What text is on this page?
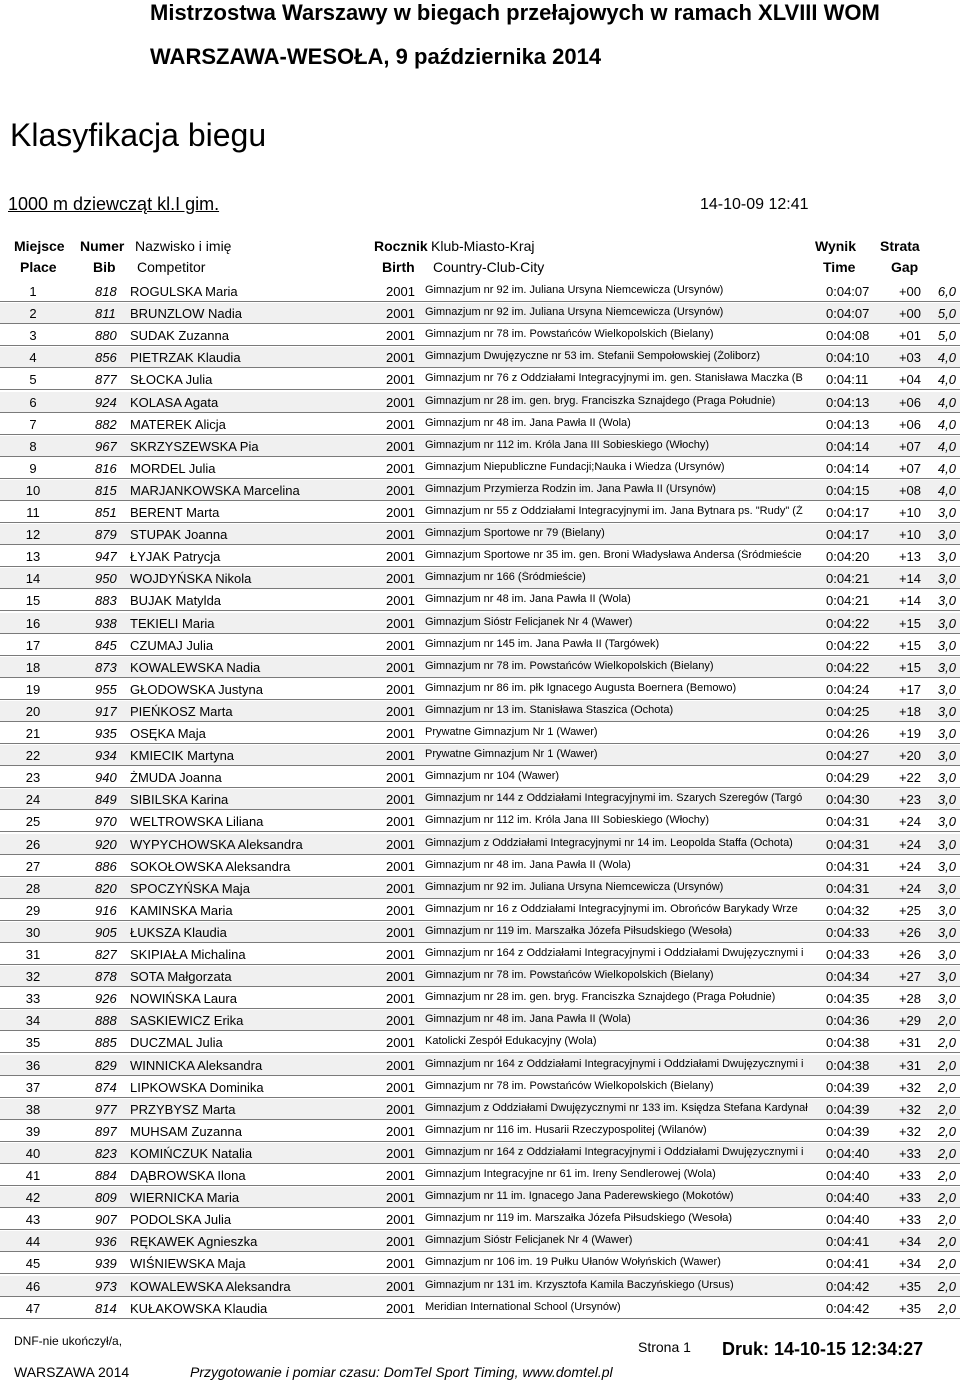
Mistrzostwa Warszawy w biegach przełajowych w ramach XLVIII WOM
WARSZAWA-WESOŁA, 9 października 2014
Klasyfikacja biegu
1000 m dziewcząt kl.I gim.	14-10-09 12:41
Miejsce
Place
Numer
Bib
Nazwisko i imię
Competitor
Rocznik
Birth
Klub-Miasto-Kraj
Country-Club-City
Wynik
Time
Strata
Gap
1	818	ROGULSKA Maria	2001 Gimnazjum nr 92 im. Juliana Ursyna Niemcewicza (Ursynów)	0:04:07	+00	6,0
2	811	BRUNZLOW Nadia	2001 Gimnazjum nr 92 im. Juliana Ursyna Niemcewicza (Ursynów)	0:04:07	+00	5,0
3	880	SUDAK Zuzanna	2001 Gimnazjum nr 78 im. Powstańców Wielkopolskich (Bielany)	0:04:08	+01	5,0
4	856	PIETRZAK Klaudia	2001 Gimnazjum Dwujęzyczne nr 53 im. Stefanii Sempołowskiej (Żoliborz)	0:04:10	+03	4,0
5	877	SŁOCKA Julia	2001 Gimnazjum nr 76 z Oddziałami Integracyjnymi im. gen. Stanisława Maczka (B	0:04:11	+04	4,0
6	924	KOLASA Agata	2001 Gimnazjum nr 28 im. gen. bryg. Franciszka Sznajdego (Praga Południe)	0:04:13	+06	4,0
7	882	MATEREK Alicja	2001 Gimnazjum nr 48 im. Jana Pawła II (Wola)	0:04:13	+06	4,0
8	967	SKRZYSZEWSKA Pia	2001 Gimnazjum nr 112 im. Króla Jana III Sobieskiego (Włochy)	0:04:14	+07	4,0
9	816	MORDEL Julia	2001 Gimnazjum Niepubliczne Fundacji;Nauka i Wiedza (Ursynów)	0:04:14	+07	4,0
10	815	MARJANKOWSKA Marcelina	2001 Gimnazjum Przymierza Rodzin im. Jana Pawła II (Ursynów)	0:04:15	+08	4,0
11	851	BERENT Marta	2001 Gimnazjum nr 55 z Oddziałami Integracyjnymi im. Jana Bytnara ps. "Rudy" (Ż	0:04:17	+10	3,0
12	879	STUPAK Joanna	2001 Gimnazjum Sportowe nr 79 (Bielany)	0:04:17	+10	3,0
13	947	ŁYJAK Patrycja	2001 Gimnazjum Sportowe nr 35 im. gen. Broni Władysława Andersa (Śródmieście	0:04:20	+13	3,0
14	950	WOJDYŃSKA Nikola	2001 Gimnazjum nr 166 (Śródmieście)	0:04:21	+14	3,0
15	883	BUJAK Matylda	2001 Gimnazjum nr 48 im. Jana Pawła II (Wola)	0:04:21	+14	3,0
16	938	TEKIELI Maria	2001 Gimnazjum Sióstr Felicjanek Nr 4 (Wawer)	0:04:22	+15	3,0
17	845	CZUMAJ Julia	2001 Gimnazjum nr 145 im. Jana Pawła II (Targówek)	0:04:22	+15	3,0
18	873	KOWALEWSKA Nadia	2001 Gimnazjum nr 78 im. Powstańców Wielkopolskich (Bielany)	0:04:22	+15	3,0
19	955	GŁODOWSKA Justyna	2001 Gimnazjum nr 86 im. płk Ignacego Augusta Boernera (Bemowo)	0:04:24	+17	3,0
20	917	PIEŃKOSZ Marta	2001 Gimnazjum nr 13 im. Stanisława Staszica (Ochota)	0:04:25	+18	3,0
21	935	OSĘKA Maja	2001 Prywatne Gimnazjum Nr 1 (Wawer)	0:04:26	+19	3,0
22	934	KMIECIK Martyna	2001 Prywatne Gimnazjum Nr 1 (Wawer)	0:04:27	+20	3,0
23	940	ŻMUDA Joanna	2001 Gimnazjum nr 104 (Wawer)	0:04:29	+22	3,0
24	849	SIBILSKA Karina	2001 Gimnazjum nr 144 z Oddziałami Integracyjnymi im. Szarych Szeregów (Targó	0:04:30	+23	3,0
25	970	WELTROWSKA Liliana	2001 Gimnazjum nr 112 im. Króla Jana III Sobieskiego (Włochy)	0:04:31	+24	3,0
26	920	WYPYCHOWSKA Aleksandra	2001 Gimnazjum z Oddziałami Integracyjnymi nr 14 im. Leopolda Staffa (Ochota)	0:04:31	+24	3,0
27	886	SOKOŁOWSKA Aleksandra	2001 Gimnazjum nr 48 im. Jana Pawła II (Wola)	0:04:31	+24	3,0
28	820	SPOCZYŃSKA Maja	2001 Gimnazjum nr 92 im. Juliana Ursyna Niemcewicza (Ursynów)	0:04:31	+24	3,0
29	916	KAMINSKA Maria	2001 Gimnazjum nr 16 z Oddziałami Integracyjnymi im. Obrońców Barykady Wrze	0:04:32	+25	3,0
30	905	ŁUKSZA Klaudia	2001 Gimnazjum nr 119 im. Marszałka Józefa Piłsudskiego (Wesoła)	0:04:33	+26	3,0
31	827	SKIPIAŁA Michalina	2001 Gimnazjum nr 164 z Oddziałami Integracyjnymi i Oddziałami Dwujęzycznymi i	0:04:33	+26	3,0
32	878	SOTA Małgorzata	2001 Gimnazjum nr 78 im. Powstańców Wielkopolskich (Bielany)	0:04:34	+27	3,0
33	926	NOWIŃSKA Laura	2001 Gimnazjum nr 28 im. gen. bryg. Franciszka Sznajdego (Praga Południe)	0:04:35	+28	3,0
34	888	SASKIEWICZ Erika	2001 Gimnazjum nr 48 im. Jana Pawła II (Wola)	0:04:36	+29	2,0
35	885	DUCZMAL Julia	2001 Katolicki Zespół Edukacyjny (Wola)	0:04:38	+31	2,0
36	829	WINNICKA Aleksandra	2001 Gimnazjum nr 164 z Oddziałami Integracyjnymi i Oddziałami Dwujęzycznymi i	0:04:38	+31	2,0
37	874	LIPKOWSKA Dominika	2001 Gimnazjum nr 78 im. Powstańców Wielkopolskich (Bielany)	0:04:39	+32	2,0
38	977	PRZYBYSZ Marta	2001 Gimnazjum z Oddziałami Dwujęzycznymi nr 133 im. Księdza Stefana Kardynał	0:04:39	+32	2,0
39	897	MUHSAM Zuzanna	2001 Gimnazjum nr 116 im. Husarii Rzeczypospolitej (Wilanów)	0:04:39	+32	2,0
40	823	KOMIŃCZUK Natalia	2001 Gimnazjum nr 164 z Oddziałami Integracyjnymi i Oddziałami Dwujęzycznymi i	0:04:40	+33	2,0
41	884	DĄBROWSKA Ilona	2001 Gimnazjum Integracyjne nr 61 im. Ireny Sendlerowej (Wola)	0:04:40	+33	2,0
42	809	WIERNICKA Maria	2001 Gimnazjum nr 11 im. Ignacego Jana Paderewskiego (Mokotów)	0:04:40	+33	2,0
43	907	PODOLSKA Julia	2001 Gimnazjum nr 119 im. Marszałka Józefa Piłsudskiego (Wesoła)	0:04:40	+33	2,0
44	936	RĘKAWEK Agnieszka	2001 Gimnazjum Sióstr Felicjanek Nr 4 (Wawer)	0:04:41	+34	2,0
45	939	WIŚNIEWSKA Maja	2001 Gimnazjum nr 106 im. 19 Pułku Ułanów Wołyńskich (Wawer)	0:04:41	+34	2,0
46	973	KOWALEWSKA Aleksandra	2001 Gimnazjum nr 131 im. Krzysztofa Kamila Baczyńskiego (Ursus)	0:04:42	+35	2,0
47	814	KUŁAKOWSKA Klaudia	2001 Meridian International School (Ursynów)	0:04:42	+35	2,0
DNF-nie ukończył/a,	Strona 1 Druk: 14-10-15 12:34:27
WARSZAWA 2014	Przygotowanie i pomiar czasu: DomTel Sport Timing, www.domtel.pl
